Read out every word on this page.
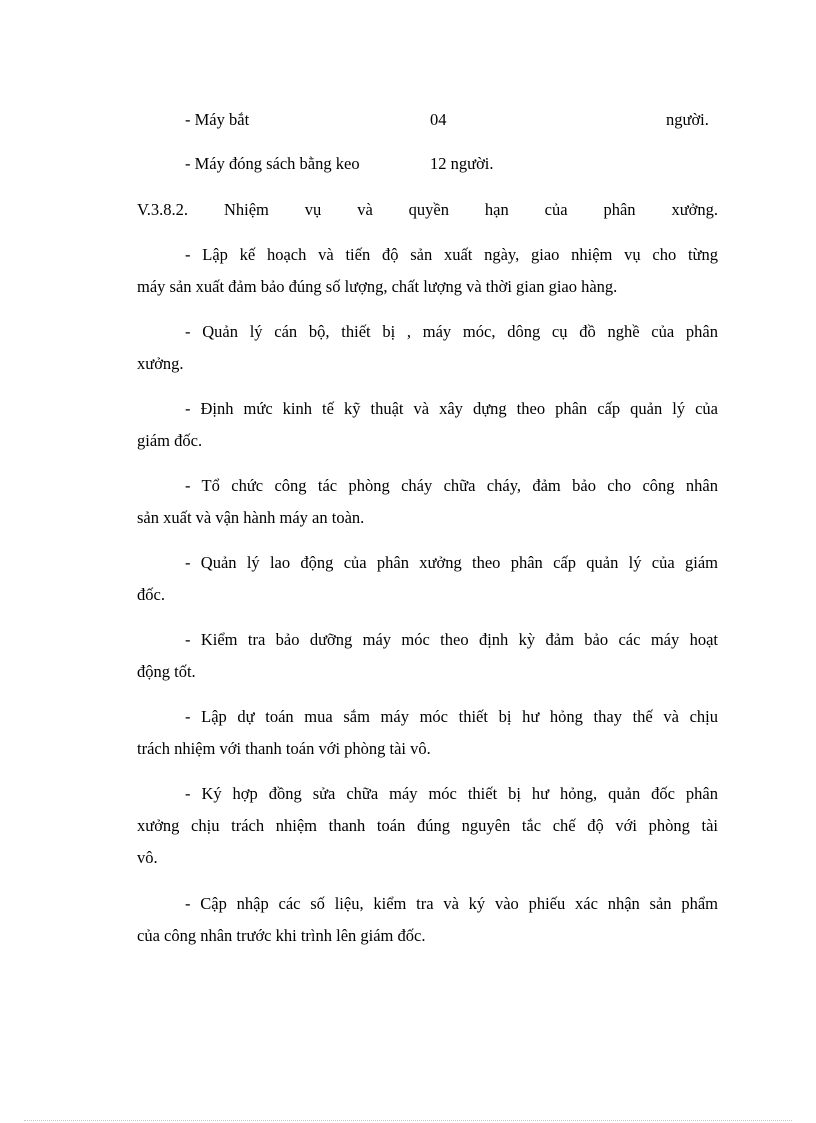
- Máy bắt	04	người.
- Máy đóng sách bằng keo	12 người.
V.3.8.2. Nhiệm vụ và quyền hạn của phân xưởng.
- Lập kế hoạch và tiến độ sản xuất ngày, giao nhiệm vụ cho từng
máy sản xuất đảm bảo đúng số lượng, chất lượng và thời gian giao hàng.
- Quản lý cán bộ, thiết bị , máy móc, dông cụ đồ nghề của phân
xưởng.
- Định mức kinh tế kỹ thuật và xây dựng theo phân cấp quản lý của
giám đốc.
- Tổ chức công tác phòng cháy chữa cháy, đảm bảo cho công nhân
sản xuất và vận hành máy an toàn.
- Quản lý lao động của phân xưởng theo phân cấp quản lý của giám
đốc.
- Kiểm tra bảo dưỡng máy móc theo định kỳ đảm bảo các máy hoạt
động tốt.
- Lập dự toán mua sắm máy móc thiết bị hư hỏng thay thế và chịu
trách nhiệm với thanh toán với phòng tài vô.
- Ký hợp đồng sửa chữa máy móc thiết bị hư hỏng, quản đốc phân
xưởng chịu trách nhiệm thanh toán đúng nguyên tắc chế độ với phòng tài
vô.
- Cập nhập các số liệu, kiểm tra và ký vào phiếu xác nhận sản phẩm
của công nhân trước khi trình lên giám đốc.
